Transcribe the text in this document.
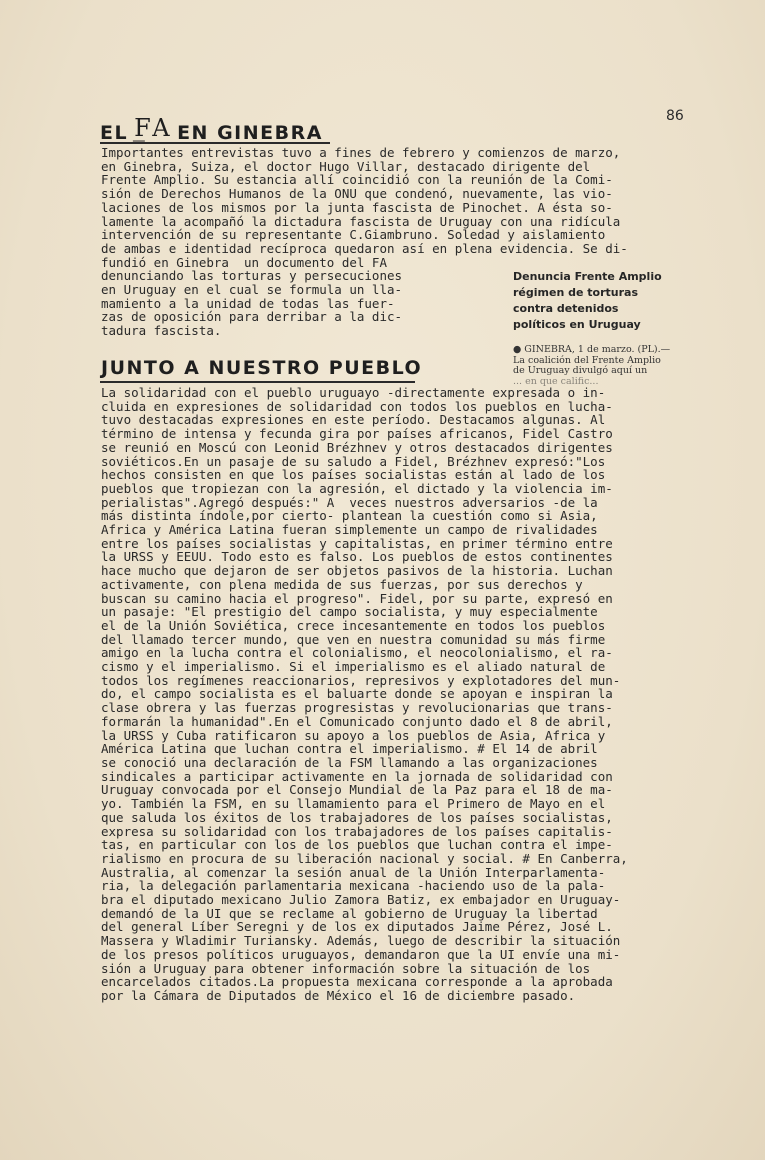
86
EL F̲A EN GINEBRA
Importantes entrevistas tuvo a fines de febrero y comienzos de marzo,
en Ginebra, Suiza, el doctor Hugo Villar, destacado dirigente del
Frente Amplio. Su estancia allí coincidió con la reunión de la Comi-
sión de Derechos Humanos de la ONU que condenó, nuevamente, las vio-
laciones de los mismos por la junta fascista de Pinochet. A ésta so-
lamente la acompañó la dictadura fascista de Uruguay con una ridícula
intervención de su representante C.Giambruno. Soledad y aislamiento
de ambas e identidad recíproca quedaron así en plena evidencia. Se di-
fundió en Ginebra  un documento del FA
denunciando las torturas y persecuciones
en Uruguay en el cual se formula un lla-
mamiento a la unidad de todas las fuer-
zas de oposición para derribar a la dic-
tadura fascista.
Denuncia Frente Amplio
régimen de torturas
contra detenidos
políticos en Uruguay
● GINEBRA, 1 de marzo. (PL).—
La coalición del Frente Amplio
de Uruguay divulgó aquí un
... en que calific...
JUNTO A NUESTRO PUEBLO
La solidaridad con el pueblo uruguayo -directamente expresada o in-
cluida en expresiones de solidaridad con todos los pueblos en lucha-
tuvo destacadas expresiones en este período. Destacamos algunas. Al
término de intensa y fecunda gira por países africanos, Fidel Castro
se reunió en Moscú con Leonid Brézhnev y otros destacados dirigentes
soviéticos.En un pasaje de su saludo a Fidel, Brézhnev expresó:"Los
hechos consisten en que los países socialistas están al lado de los
pueblos que tropiezan con la agresión, el dictado y la violencia im-
perialistas".Agregó después:" A  veces nuestros adversarios -de la
más distinta índole,por cierto- plantean la cuestión como si Asia,
Africa y América Latina fueran simplemente un campo de rivalidades
entre los países socialistas y capitalistas, en primer término entre
la URSS y EEUU. Todo esto es falso. Los pueblos de estos continentes
hace mucho que dejaron de ser objetos pasivos de la historia. Luchan
activamente, con plena medida de sus fuerzas, por sus derechos y
buscan su camino hacia el progreso". Fidel, por su parte, expresó en
un pasaje: "El prestigio del campo socialista, y muy especialmente
el de la Unión Soviética, crece incesantemente en todos los pueblos
del llamado tercer mundo, que ven en nuestra comunidad su más firme
amigo en la lucha contra el colonialismo, el neocolonialismo, el ra-
cismo y el imperialismo. Si el imperialismo es el aliado natural de
todos los regímenes reaccionarios, represivos y explotadores del mun-
do, el campo socialista es el baluarte donde se apoyan e inspiran la
clase obrera y las fuerzas progresistas y revolucionarias que trans-
formarán la humanidad".En el Comunicado conjunto dado el 8 de abril,
la URSS y Cuba ratificaron su apoyo a los pueblos de Asia, Africa y
América Latina que luchan contra el imperialismo. # El 14 de abril
se conoció una declaración de la FSM llamando a las organizaciones
sindicales a participar activamente en la jornada de solidaridad con
Uruguay convocada por el Consejo Mundial de la Paz para el 18 de ma-
yo. También la FSM, en su llamamiento para el Primero de Mayo en el
que saluda los éxitos de los trabajadores de los países socialistas,
expresa su solidaridad con los trabajadores de los países capitalis-
tas, en particular con los de los pueblos que luchan contra el impe-
rialismo en procura de su liberación nacional y social. # En Canberra,
Australia, al comenzar la sesión anual de la Unión Interparlamenta-
ria, la delegación parlamentaria mexicana -haciendo uso de la pala-
bra el diputado mexicano Julio Zamora Batiz, ex embajador en Uruguay-
demandó de la UI que se reclame al gobierno de Uruguay la libertad
del general Líber Seregni y de los ex diputados Jaime Pérez, José L.
Massera y Wladimir Turiansky. Además, luego de describir la situación
de los presos políticos uruguayos, demandaron que la UI envíe una mi-
sión a Uruguay para obtener información sobre la situación de los
encarcelados citados.La propuesta mexicana corresponde a la aprobada
por la Cámara de Diputados de México el 16 de diciembre pasado.
